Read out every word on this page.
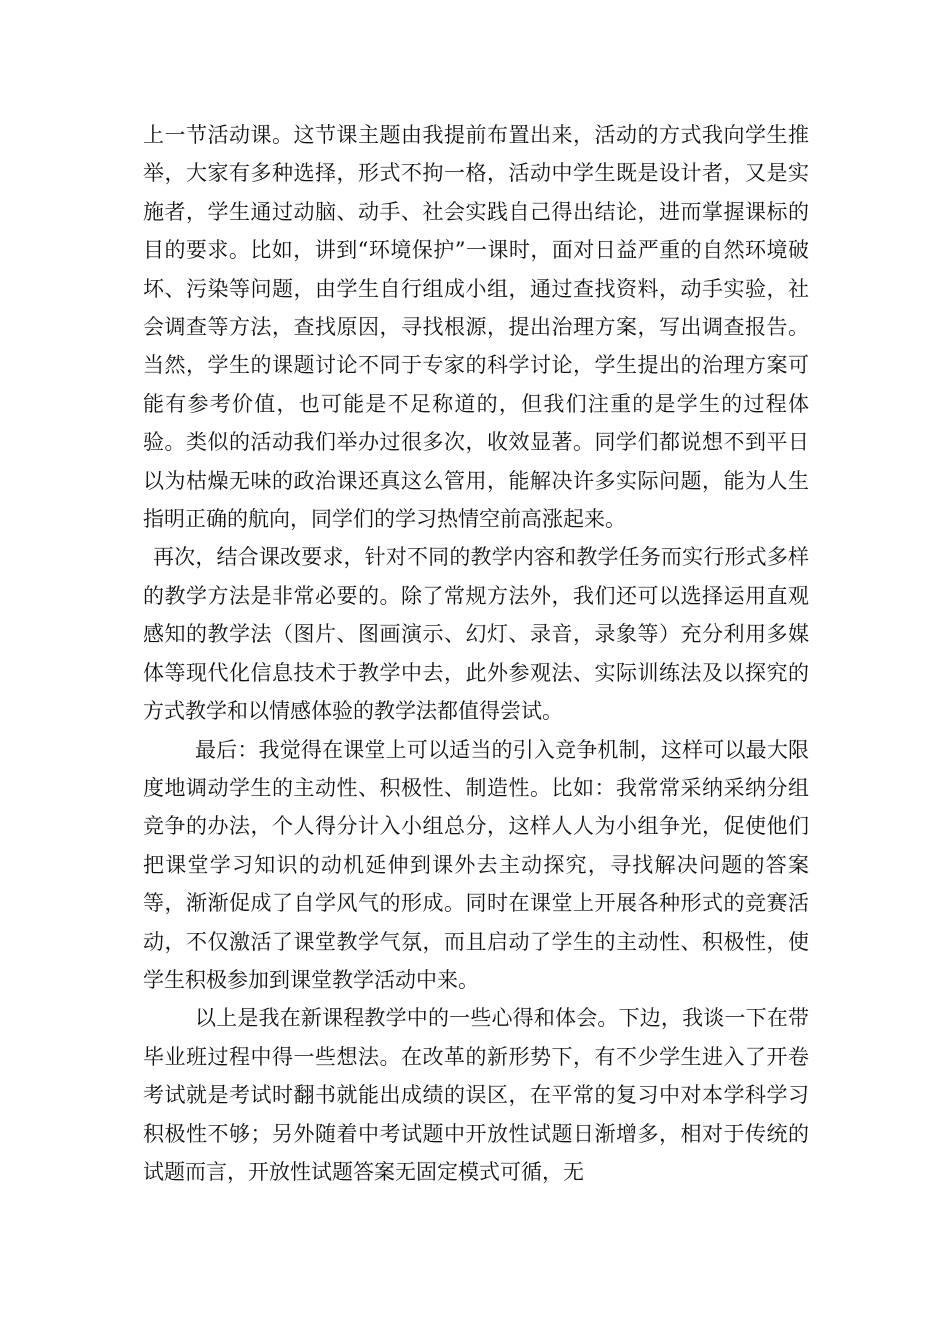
上一节活动课。这节课主题由我提前布置出来，活动的方式我向学生推举，大家有多种选择，形式不拘一格，活动中学生既是设计者，又是实施者，学生通过动脑、动手、社会实践自己得出结论，进而掌握课标的目的要求。比如，讲到“环境保护”一课时，面对日益严重的自然环境破坏、污染等问题，由学生自行组成小组，通过查找资料，动手实验，社会调查等方法，查找原因，寻找根源，提出治理方案，写出调查报告。当然，学生的课题讨论不同于专家的科学讨论，学生提出的治理方案可能有参考价值，也可能是不足称道的，但我们注重的是学生的过程体验。类似的活动我们举办过很多次，收效显著。同学们都说想不到平日以为枯燥无味的政治课还真这么管用，能解决许多实际问题，能为人生指明正确的航向，同学们的学习热情空前高涨起来。

再次，结合课改要求，针对不同的教学内容和教学任务而实行形式多样的教学方法是非常必要的。除了常规方法外，我们还可以选择运用直观感知的教学法（图片、图画演示、幻灯、录音，录象等）充分利用多媒体等现代化信息技术于教学中去，此外参观法、实际训练法及以探究的方式教学和以情感体验的教学法都值得尝试。

最后：我觉得在课堂上可以适当的引入竞争机制，这样可以最大限度地调动学生的主动性、积极性、制造性。比如：我常常采纳采纳分组竞争的办法，个人得分计入小组总分，这样人人为小组争光，促使他们把课堂学习知识的动机延伸到课外去主动探究，寻找解决问题的答案等，渐渐促成了自学风气的形成。同时在课堂上开展各种形式的竞赛活动，不仅激活了课堂教学气氛，而且启动了学生的主动性、积极性，使学生积极参加到课堂教学活动中来。

以上是我在新课程教学中的一些心得和体会。下边，我谈一下在带毕业班过程中得一些想法。在改革的新形势下，有不少学生进入了开卷考试就是考试时翻书就能出成绩的误区，在平常的复习中对本学科学习积极性不够；另外随着中考试题中开放性试题日渐增多，相对于传统的试题而言，开放性试题答案无固定模式可循，无
